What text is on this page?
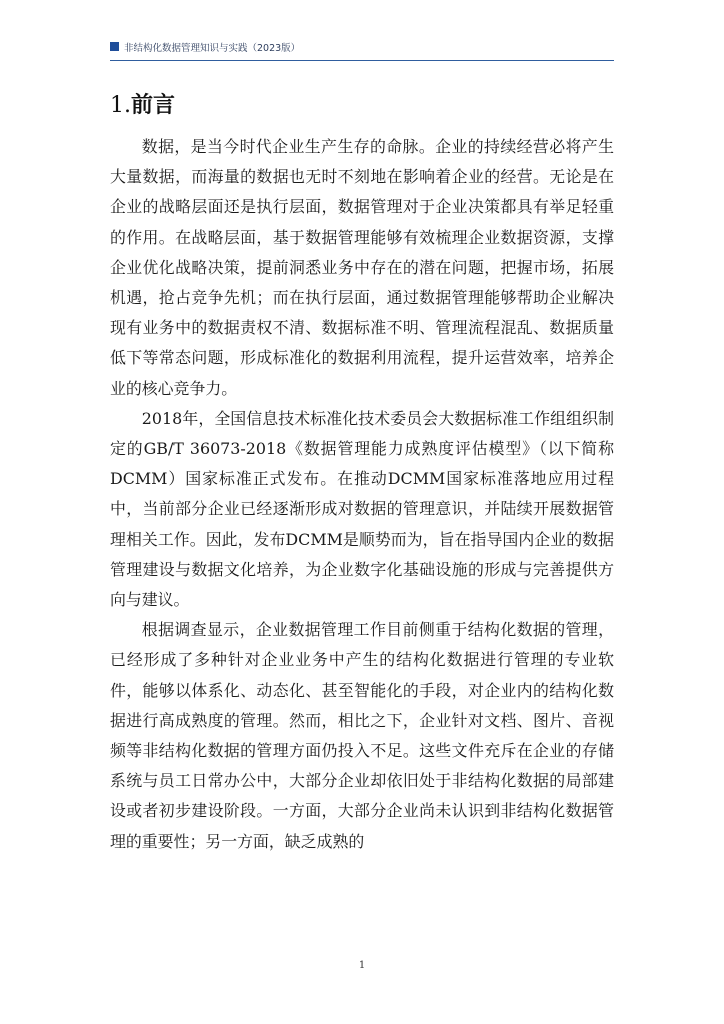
非结构化数据管理知识与实践（2023版）
​
1.前言

数据，是当今时代企业生产生存的命脉。企业的持续经营必将产生大量数据，而海量的数据也无时不刻地在影响着企业的经营。无论是在企业的战略层面还是执行层面，数据管理对于企业决策都具有举足轻重的作用。在战略层面，基于数据管理能够有效梳理企业数据资源，支撑企业优化战略决策，提前洞悉业务中存在的潜在问题，把握市场，拓展机遇，抢占竞争先机；而在执行层面，通过数据管理能够帮助企业解决现有业务中的数据责权不清、数据标准不明、管理流程混乱、数据质量低下等常态问题，形成标准化的数据利用流程，提升运营效率，培养企业的核心竞争力。

2018年，全国信息技术标准化技术委员会大数据标准工作组组织制定的GB/T 36073-2018《数据管理能力成熟度评估模型》（以下简称DCMM）国家标准正式发布。在推动DCMM国家标准落地应用过程中，当前部分企业已经逐渐形成对数据的管理意识，并陆续开展数据管理相关工作。因此，发布DCMM是顺势而为，旨在指导国内企业的数据管理建设与数据文化培养，为企业数字化基础设施的形成与完善提供方向与建议。

根据调查显示，企业数据管理工作目前侧重于结构化数据的管理，已经形成了多种针对企业业务中产生的结构化数据进行管理的专业软件，能够以体系化、动态化、甚至智能化的手段，对企业内的结构化数据进行高成熟度的管理。然而，相比之下，企业针对文档、图片、音视频等非结构化数据的管理方面仍投入不足。这些文件充斥在企业的存储系统与员工日常办公中，大部分企业却依旧处于非结构化数据的局部建设或者初步建设阶段。一方面，大部分企业尚未认识到非结构化数据管理的重要性；另一方面，缺乏成熟的

1
